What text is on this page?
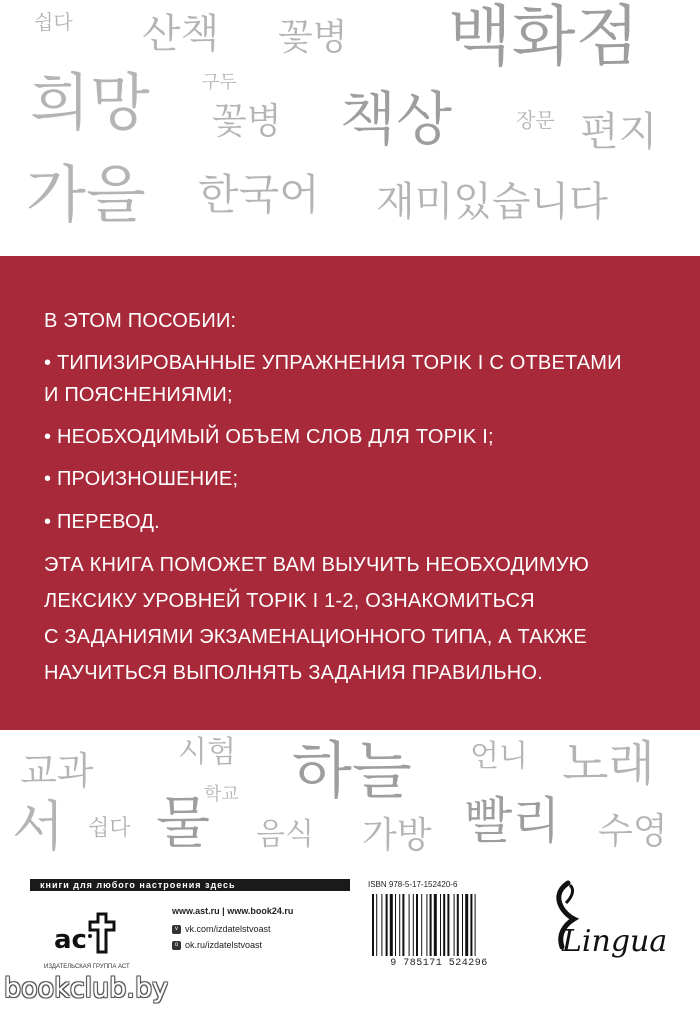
쉽다 산책 꽃병 백화점
희망	구두
꽃병 책상	장문 편지
가을 한국어 재미있습니다
В ЭТОМ ПОСОБИИ:
• ТИПИЗИРОВАННЫЕ УПРАЖНЕНИЯ TOPIK I С ОТВЕТАМИ
И ПОЯСНЕНИЯМИ;
• НЕОБХОДИМЫЙ ОБЪЕМ СЛОВ ДЛЯ TOPIK I;
• ПРОИЗНОШЕНИЕ;
• ПЕРЕВОД.
ЭТА КНИГА ПОМОЖЕТ ВАМ ВЫУЧИТЬ НЕОБХОДИМУЮ
ЛЕКСИКУ УРОВНЕЙ TOPIK I 1-2, ОЗНАКОМИТЬСЯ
С ЗАДАНИЯМИ ЭКЗАМЕНАЦИОННОГО ТИПА, А ТАКЖЕ
НАУЧИТЬСЯ ВЫПОЛНЯТЬ ЗАДАНИЯ ПРАВИЛЬНО.
교과	시험 하늘 언니 노래
학교
서 쉽다 물 음식 가방 빨리 수영
книги для любого настроения здесь
ас
ИЗДАТЕЛЬСКАЯ ГРУППА АСТ
www.ast.ru | www.book24.ru
v vk.com/izdatelstvoast
o ok.ru/izdatelstvoast
ISBN 978-5-17-152420-6
9 785171 524296
Lingua
bookclub.by
